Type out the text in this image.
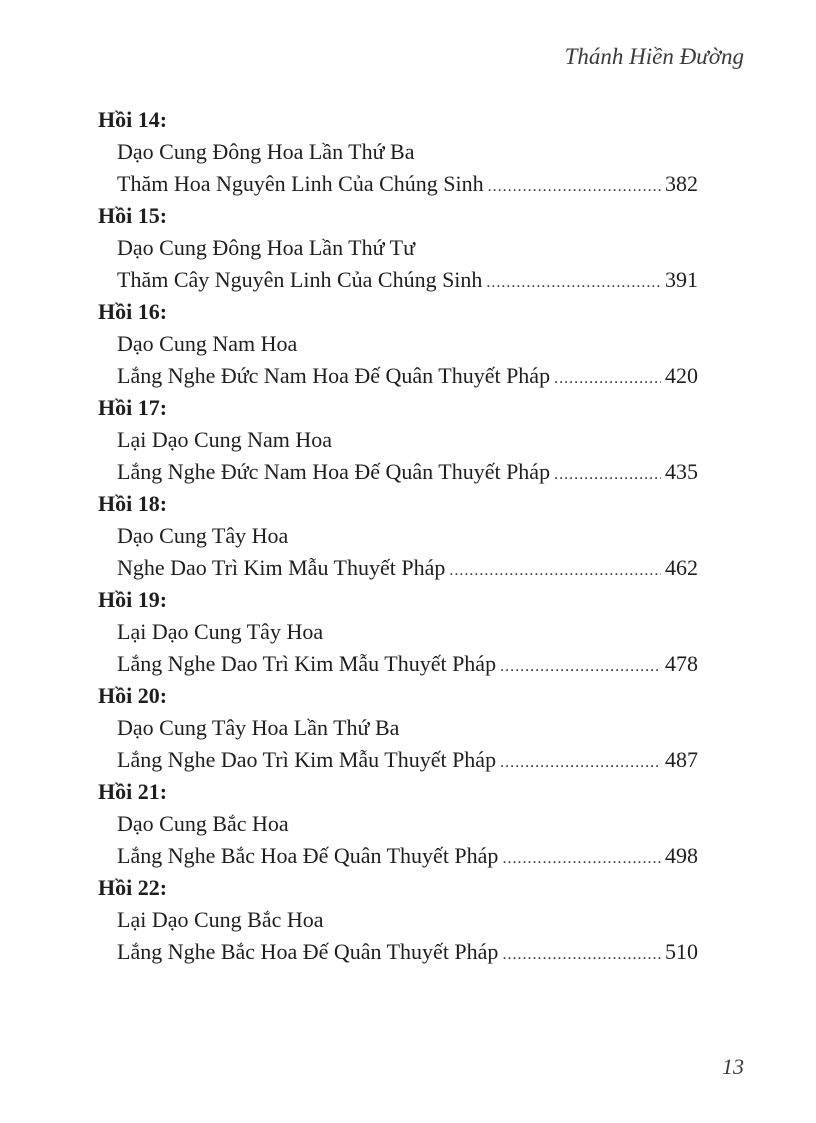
Thánh Hiền Đường
Hồi 14:
Dạo Cung Đông Hoa Lần Thứ Ba
Thăm Hoa Nguyên Linh Của Chúng Sinh .....	382
Hồi 15:
Dạo Cung Đông Hoa Lần Thứ Tư
Thăm Cây Nguyên Linh Của Chúng Sinh .....	391
Hồi 16:
Dạo Cung Nam Hoa
Lắng Nghe Đức Nam Hoa Đế Quân Thuyết Pháp .....	420
Hồi 17:
Lại Dạo Cung Nam Hoa
Lắng Nghe Đức Nam Hoa Đế Quân Thuyết Pháp .....	435
Hồi 18:
Dạo Cung Tây Hoa
Nghe Dao Trì Kim Mẫu Thuyết Pháp .....	462
Hồi 19:
Lại Dạo Cung Tây Hoa
Lắng Nghe Dao Trì Kim Mẫu Thuyết Pháp .....	478
Hồi 20:
Dạo Cung Tây Hoa Lần Thứ Ba
Lắng Nghe Dao Trì Kim Mẫu Thuyết Pháp .....	487
Hồi 21:
Dạo Cung Bắc Hoa
Lắng Nghe Bắc Hoa Đế Quân Thuyết Pháp .....	498
Hồi 22:
Lại Dạo Cung Bắc Hoa
Lắng Nghe Bắc Hoa Đế Quân Thuyết Pháp .....	510
13
